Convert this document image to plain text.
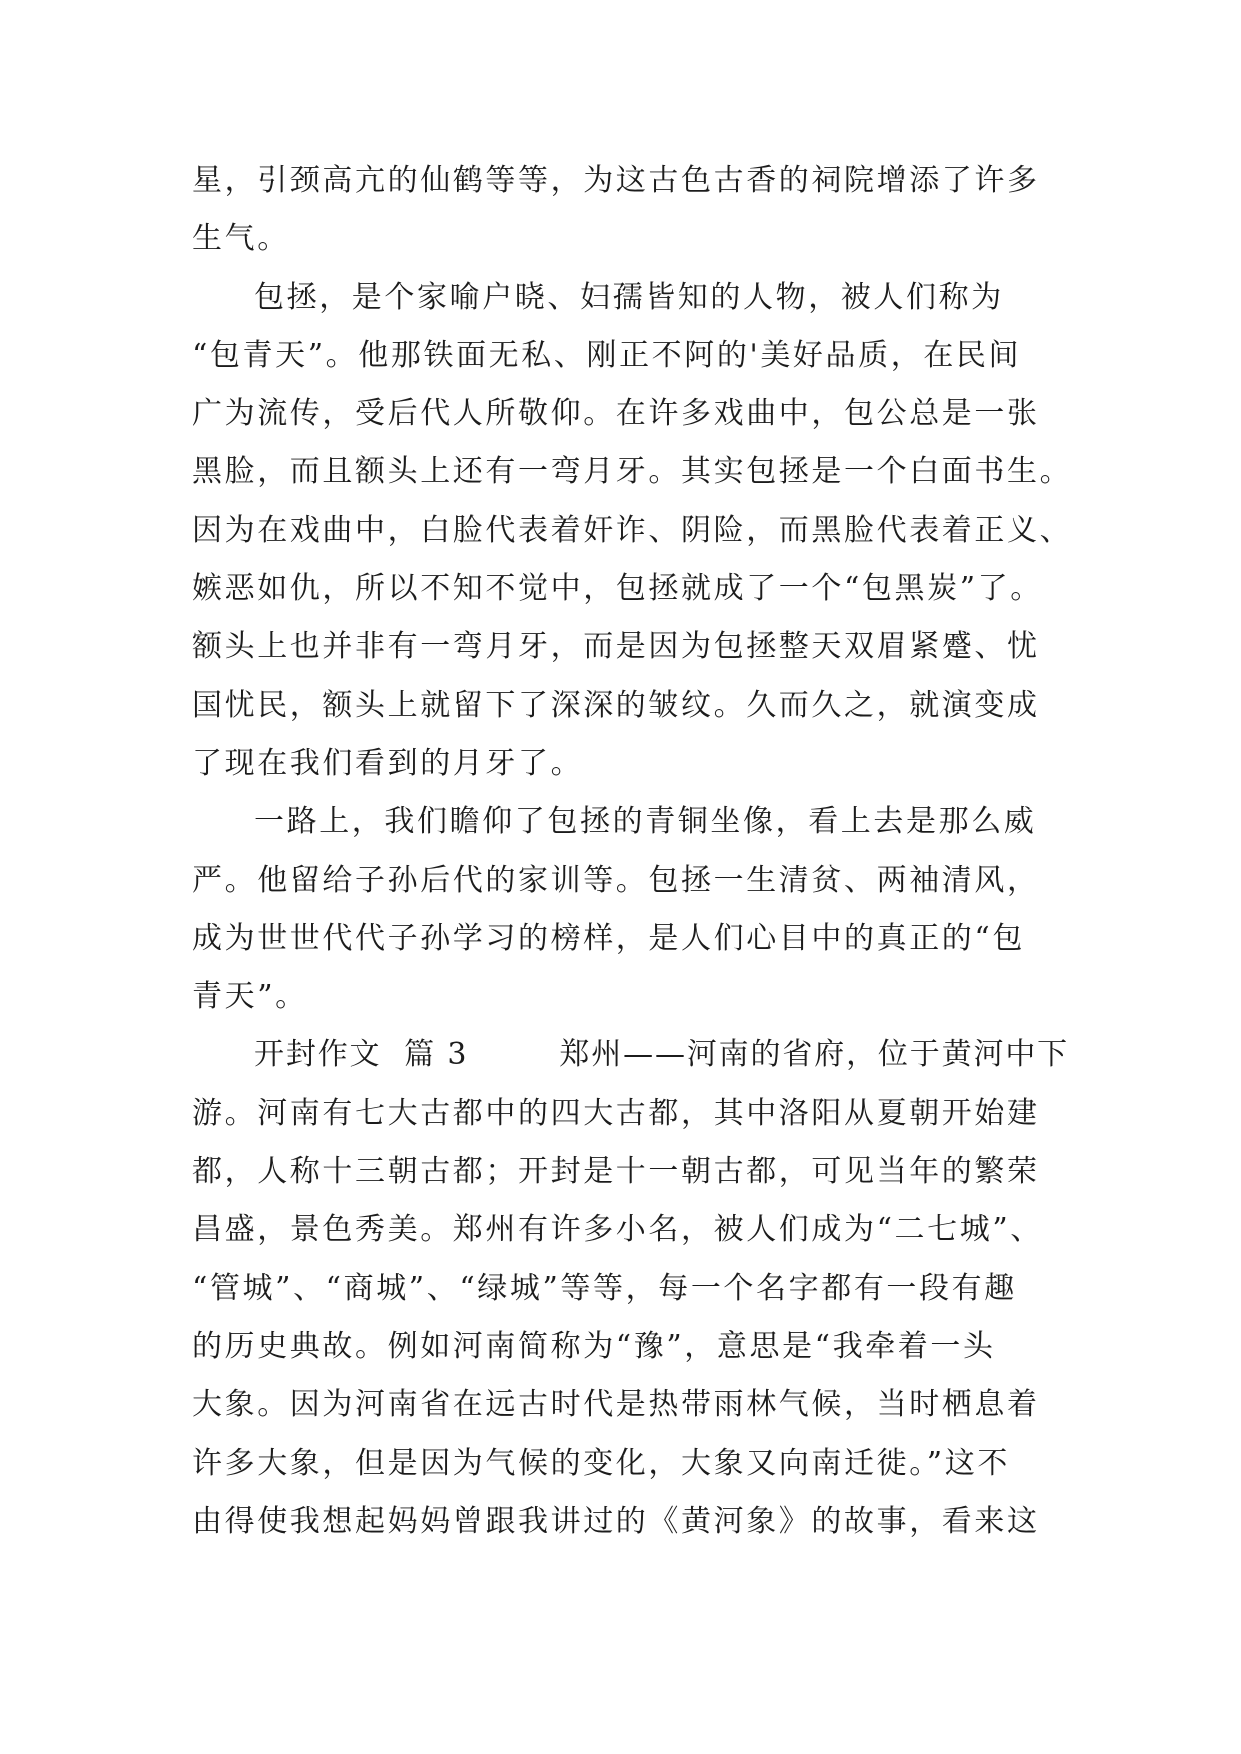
星，引颈高亢的仙鹤等等，为这古色古香的祠院增添了许多
生气。
包拯，是个家喻户晓、妇孺皆知的人物，被人们称为
“包青天”。他那铁面无私、刚正不阿的'美好品质，在民间
广为流传，受后代人所敬仰。在许多戏曲中，包公总是一张
黑脸，而且额头上还有一弯月牙。其实包拯是一个白面书生。
因为在戏曲中，白脸代表着奸诈、阴险，而黑脸代表着正义、
嫉恶如仇，所以不知不觉中，包拯就成了一个“包黑炭”了。
额头上也并非有一弯月牙，而是因为包拯整天双眉紧蹙、忧
国忧民，额头上就留下了深深的皱纹。久而久之，就演变成
了现在我们看到的月牙了。
一路上，我们瞻仰了包拯的青铜坐像，看上去是那么威
严。他留给子孙后代的家训等。包拯一生清贫、两袖清风，
成为世世代代子孙学习的榜样，是人们心目中的真正的“包
青天”。
开封作文  篇 3        郑州——河南的省府，位于黄河中下
游。河南有七大古都中的四大古都，其中洛阳从夏朝开始建
都，人称十三朝古都；开封是十一朝古都，可见当年的繁荣
昌盛，景色秀美。郑州有许多小名，被人们成为“二七城”、
“管城”、“商城”、“绿城”等等，每一个名字都有一段有趣
的历史典故。例如河南简称为“豫”，意思是“我牵着一头
大象。因为河南省在远古时代是热带雨林气候，当时栖息着
许多大象，但是因为气候的变化，大象又向南迁徙。”这不
由得使我想起妈妈曾跟我讲过的《黄河象》的故事，看来这
